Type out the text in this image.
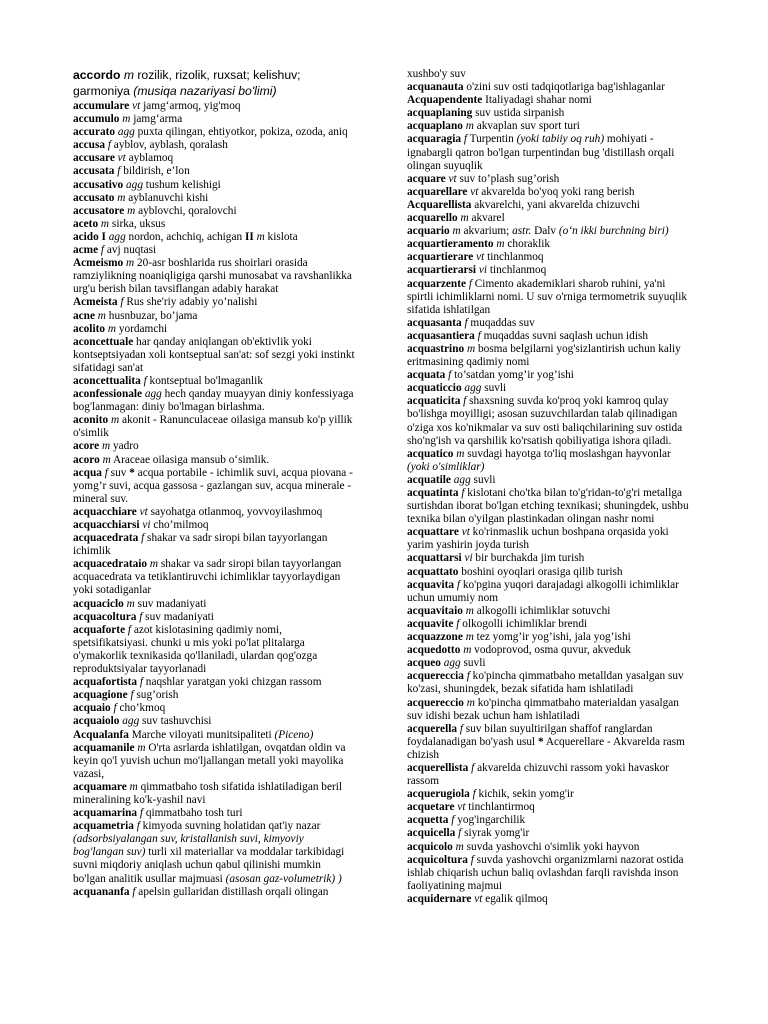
accordo m rozilik, rizolik, ruxsat; kelishuv; garmoniya (musiqa nazariyasi bo'limi)

accumulare vt jamg‘armoq, yig'moq

accumulo m jamg‘arma

accurato agg puxta qilingan, ehtiyotkor, pokiza, ozoda, aniq

accusa f ayblov, ayblash, qoralash

accusare vt ayblamoq

accusata f bildirish, e’lon

accusativo agg tushum kelishigi

accusato m ayblanuvchi kishi

accusatore m ayblovchi, qoralovchi

aceto m sirka, uksus

acido I agg nordon, achchiq, achigan II m kislota

acme f avj nuqtasi

Acmeismo m 20-asr boshlarida rus shoirlari orasida ramziylikning noaniqligiga qarshi munosabat va ravshanlikka urg'u berish bilan tavsiflangan adabiy harakat

Acmeista f Rus she'riy adabiy yo’nalishi

acne m husnbuzar, bo’jama

acolito m yordamchi

aconcettuale har qanday aniqlangan ob'ektivlik yoki kontseptsiyadan xoli kontseptual san'at: sof sezgi yoki instinkt sifatidagi san'at

aconcettualita f kontseptual bo'lmaganlik

aconfessionale agg hech qanday muayyan diniy konfessiyaga bog'lanmagan: diniy bo'lmagan birlashma.

aconito m akonit - Ranunculaceae oilasiga mansub ko'p yillik o'simlik

acore m yadro

acoro m Araceae oilasiga mansub o‘simlik.

acqua f suv * acqua portabile - ichimlik suvi, acqua piovana - yomg’r suvi, acqua gassosa - gazlangan suv, acqua minerale - mineral suv.

acquacchiare vt sayohatga otlanmoq, yovvoyilashmoq

acquacchiarsi vi cho’milmoq

acquacedrata f shakar va sadr siropi bilan tayyorlangan ichimlik

acquacedrataio m shakar va sadr siropi bilan tayyorlangan acquacedrata va tetiklantiruvchi ichimliklar tayyorlaydigan yoki sotadiganlar

acquaciclo m suv madaniyati

acquacoltura f suv madaniyati

acquaforte f azot kislotasining qadimiy nomi, spetsifikatsiyasi. chunki u mis yoki po'lat plitalarga o'ymakorlik texnikasida qo'llaniladi, ulardan qog'ozga reproduktsiyalar tayyorlanadi

acquafortista f naqshlar yaratgan yoki chizgan rassom

acquagione f sug’orish

acquaio f cho’kmoq

acquaiolo agg suv tashuvchisi

Acqualanfa Marche viloyati munitsipaliteti (Piceno)

acquamanile m O'rta asrlarda ishlatilgan, ovqatdan oldin va keyin qo'l yuvish uchun mo'ljallangan metall yoki mayolika vazasi,

acquamare m qimmatbaho tosh sifatida ishlatiladigan beril mineralining ko'k-yashil navi

acquamarina f qimmatbaho tosh turi

acquametria f kimyoda suvning holatidan qat'iy nazar (adsorbsiyalangan suv, kristallanish suvi, kimyoviy bog'langan suv) turli xil materiallar va moddalar tarkibidagi suvni miqdoriy aniqlash uchun qabul qilinishi mumkin bo'lgan analitik usullar majmuasi (asosan gaz-volumetrik) )

acquananfa f apelsin gullaridan distillash orqali olingan

xushbo'y suv

acquanauta o'zini suv osti tadqiqotlariga bag'ishlaganlar

Acquapendente Italiyadagi shahar nomi

acquaplaning suv ustida sirpanish

acquaplano m akvaplan suv sport turi

acquaragia f Turpentin (yoki tabiiy oq ruh) mohiyati - ignabargli qatron bo'lgan turpentindan bug 'distillash orqali olingan suyuqlik

acquare vt suv to’plash sug’orish

acquarellare vt akvarelda bo'yoq yoki rang berish

Acquarellista akvarelchi, yani akvarelda chizuvchi

acquarello m akvarel

acquario m akvarium; astr. Dalv (o‘n ikki burchning biri)

acquartieramento m chorakli​k

acquartierare vt tinchlanmoq

acquartierarsi vi tinchlanmoq

acquarzente f Cimento akademiklari sharob ruhini, ya'ni spirtli ichimliklarni nomi. U suv o'rniga termometrik suyuqlik sifatida ishlatilgan

acquasanta f muqaddas suv

acquasantiera f muqaddas suvni saqlash uchun idish

acquastrino m bosma belgilarni yog'sizlantirish uchun kaliy eritmasining qadimiy nomi

acquata f to’satdan yomg’ir yog’ishi

acquaticcio agg suvli

acquaticita f shaxsning suvda ko'proq yoki kamroq qulay bo'lishga moyilligi; asosan suzuvchilardan talab qilinadigan o'ziga xos ko'nikmalar va suv osti baliqchilarining suv ostida sho'ng'ish va qarshilik ko'rsatish qobiliyatiga ishora qiladi.

acquatico m suvdagi hayotga to'liq moslashgan hayvonlar (yoki o'simliklar)

acquatile agg suvli

acquatinta f kislotani cho'tka bilan to'g'ridan-to'g'ri metallga surtishdan iborat bo'lgan etching texnikasi; shuningdek, ushbu texnika bilan o'yilgan plastinkadan olingan nashr nomi

acquattare vt ko'rinmaslik uchun boshpana orqasida yoki yarim yashirin joyda turish

acquattarsi vi bir burchakda jim turish

acquattato boshini oyoqlari orasiga qilib turish

acquavita f ko'pgina yuqori darajadagi alkogolli ichimliklar uchun umumiy nom

acquavitaio m alkogolli ichimliklar sotuvchi

acquavite f olkogolli ichimliklar brendi

acquazzone m tez yomg’ir yog’ishi, jala yog’ishi

acquedotto m vodoprovod, osma quvur, akveduk

acqueo agg suvli

acquereccia f ko'pincha qimmatbaho metalldan yasalgan suv ko'zasi, shuningdek, bezak sifatida ham ishlatiladi

acquereccio m ko'pincha qimmatbaho materialdan yasalgan suv idishi bezak uchun ham ishlatiladi

acquerella f suv bilan suyultirilgan shaffof ranglardan foydalanadigan bo'yash usul * Acquerellare - Akvarelda rasm chizish

acquerellista f akvarelda chizuvchi rassom yoki havaskor rassom

acquerugiola f kichik, sekin yomg'ir

acquetare vt tinchlantirmoq

acquetta f yog'ingarchilik

acquicella f siyrak yomg'ir

acquicolo m suvda yashovchi o'simlik yoki hayvon

acquicoltura f suvda yashovchi organizmlarni nazorat ostida ishlab chiqarish uchun baliq ovlashdan farqli ravishda inson faoliyatining majmui

acquidernare vt egalik qilmoq
